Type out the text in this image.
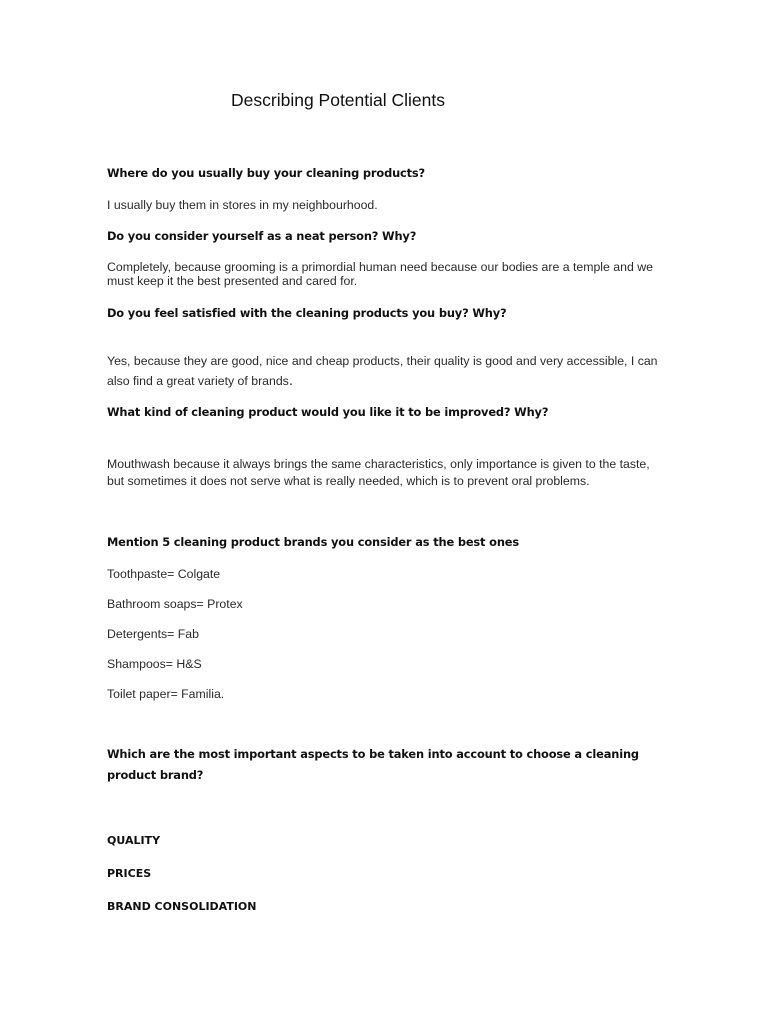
Describing Potential Clients
Where do you usually buy your cleaning products?
I usually buy them in stores in my neighbourhood.
Do you consider yourself as a neat person? Why?
Completely, because grooming is a primordial human need because our bodies are a temple and we must keep it the best presented and cared for.
Do you feel satisfied with the cleaning products you buy? Why?
Yes, because they are good, nice and cheap products, their quality is good and very accessible, I can also find a great variety of brands.
What kind of cleaning product would you like it to be improved? Why?
Mouthwash because it always brings the same characteristics, only importance is given to the taste, but sometimes it does not serve what is really needed, which is to prevent oral problems.
Mention 5 cleaning product brands you consider as the best ones
Toothpaste= Colgate
Bathroom soaps= Protex
Detergents= Fab
Shampoos= H&S
Toilet paper= Familia.
Which are the most important aspects to be taken into account to choose a cleaning product brand?
QUALITY
PRICES
BRAND CONSOLIDATION
